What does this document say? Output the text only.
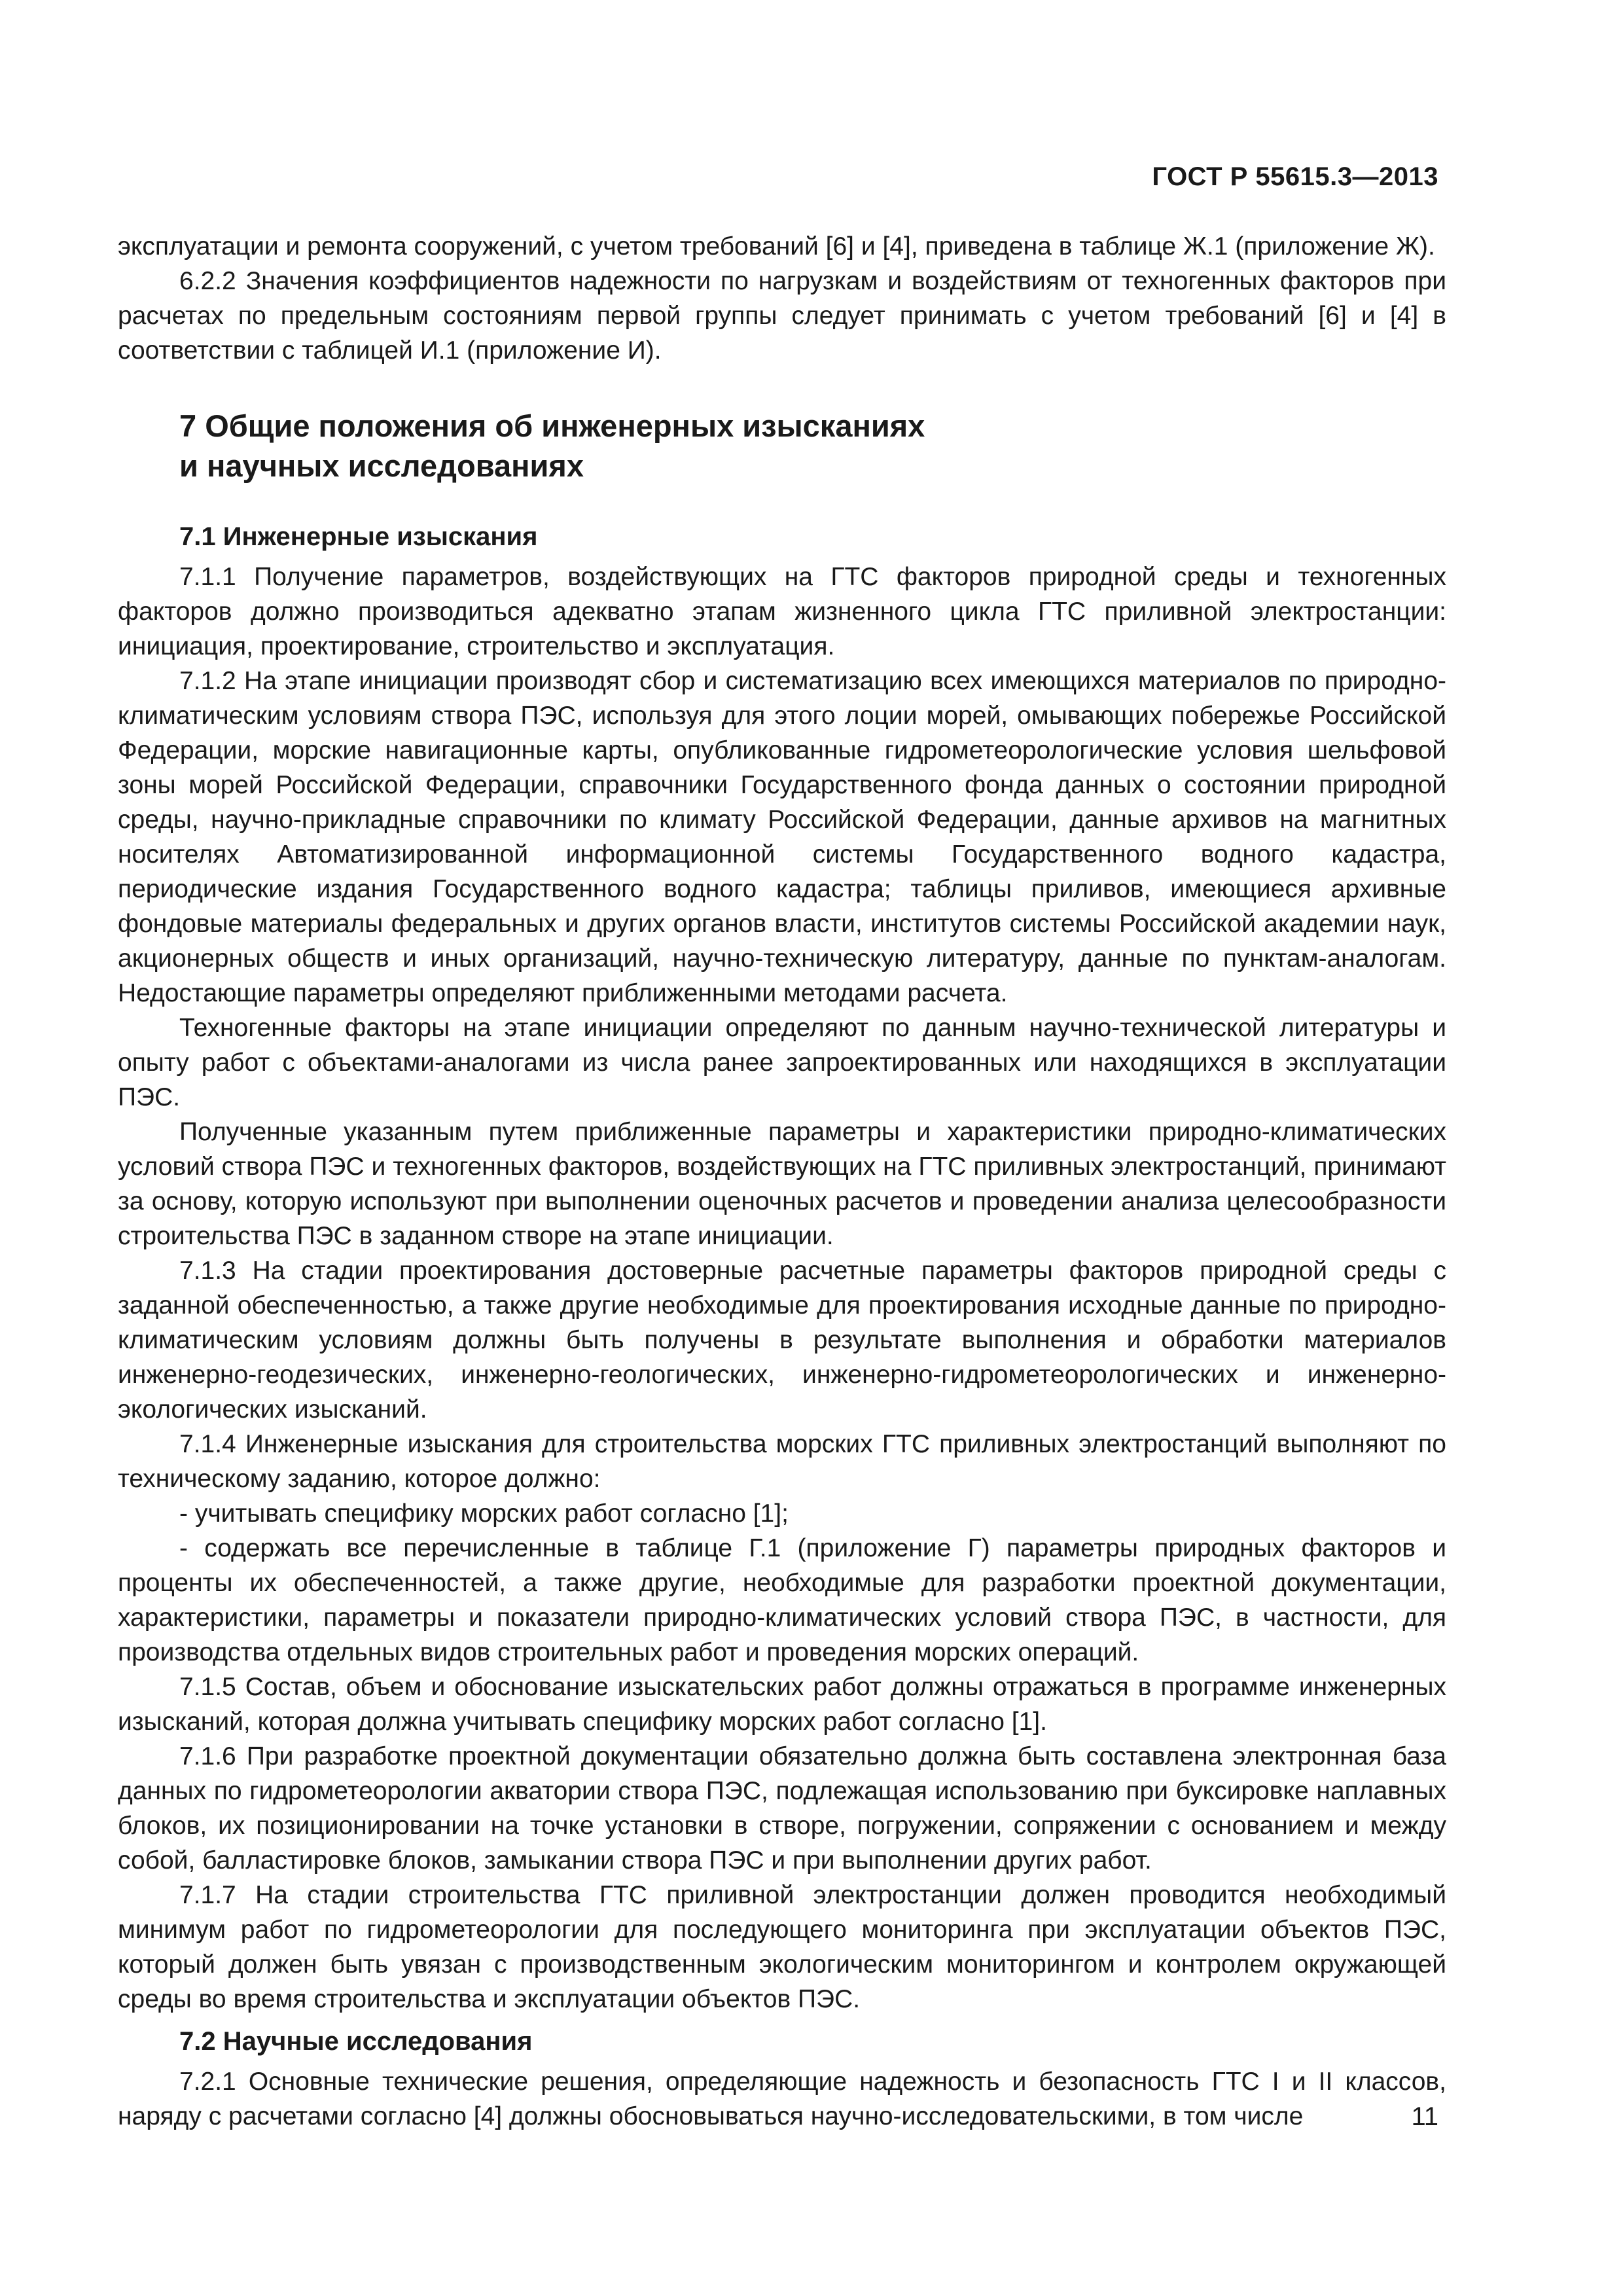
ГОСТ Р 55615.3—2013

эксплуатации и ремонта сооружений, с учетом требований [6] и [4], приведена в таблице Ж.1 (приложение Ж).

6.2.2 Значения коэффициентов надежности по нагрузкам и воздействиям от техногенных факторов при расчетах по предельным состояниям первой группы следует принимать с учетом требований [6] и [4] в соответствии с таблицей И.1 (приложение И).

7 Общие положения об инженерных изысканиях
и научных исследованиях
7.1 Инженерные изыскания

7.1.1 Получение параметров, воздействующих на ГТС факторов природной среды и техногенных факторов должно производиться адекватно этапам жизненного цикла ГТС приливной электростанции: инициация, проектирование, строительство и эксплуатация.

7.1.2 На этапе инициации производят сбор и систематизацию всех имеющихся материалов по природно-климатическим условиям створа ПЭС, используя для этого лоции морей, омывающих побережье Российской Федерации, морские навигационные карты, опубликованные гидрометеорологические условия шельфовой зоны морей Российской Федерации, справочники Государственного фонда данных о состоянии природной среды, научно-прикладные справочники по климату Российской Федерации, данные архивов на магнитных носителях Автоматизированной информационной системы Государственного водного кадастра, периодические издания Государственного водного кадастра; таблицы приливов, имеющиеся архивные фондовые материалы федеральных и других органов власти, институтов системы Российской академии наук, акционерных обществ и иных организаций, научно-техническую литературу, данные по пунктам-аналогам. Недостающие параметры определяют приближенными методами расчета.

Техногенные факторы на этапе инициации определяют по данным научно-технической литературы и опыту работ с объектами-аналогами из числа ранее запроектированных или находящихся в эксплуатации ПЭС.

Полученные указанным путем приближенные параметры и характеристики природно-климатических условий створа ПЭС и техногенных факторов, воздействующих на ГТС приливных электростанций, принимают за основу, которую используют при выполнении оценочных расчетов и проведении анализа целесообразности строительства ПЭС в заданном створе на этапе инициации.

7.1.3 На стадии проектирования достоверные расчетные параметры факторов природной среды с заданной обеспеченностью, а также другие необходимые для проектирования исходные данные по природно-климатическим условиям должны быть получены в результате выполнения и обработки материалов инженерно-геодезических, инженерно-геологических, инженерно-гидрометеорологических и инженерно-экологических изысканий.

7.1.4 Инженерные изыскания для строительства морских ГТС приливных электростанций выполняют по техническому заданию, которое должно:

- учитывать специфику морских работ согласно [1];

- содержать все перечисленные в таблице Г.1 (приложение Г) параметры природных факторов и проценты их обеспеченностей, а также другие, необходимые для разработки проектной документации, характеристики, параметры и показатели природно-климатических условий створа ПЭС, в частности, для производства отдельных видов строительных работ и проведения морских операций.

7.1.5 Состав, объем и обоснование изыскательских работ должны отражаться в программе инженерных изысканий, которая должна учитывать специфику морских работ согласно [1].

7.1.6 При разработке проектной документации обязательно должна быть составлена электронная база данных по гидрометеорологии акватории створа ПЭС, подлежащая использованию при буксировке наплавных блоков, их позиционировании на точке установки в створе, погружении, сопряжении с основанием и между собой, балластировке блоков, замыкании створа ПЭС и при выполнении других работ.

7.1.7 На стадии строительства ГТС приливной электростанции должен проводится необходимый минимум работ по гидрометеорологии для последующего мониторинга при эксплуатации объектов ПЭС, который должен быть увязан с производственным экологическим мониторингом и контролем окружающей среды во время строительства и эксплуатации объектов ПЭС.

7.2 Научные исследования

7.2.1 Основные технические решения, определяющие надежность и безопасность ГТС I и II классов, наряду с расчетами согласно [4] должны обосновываться научно-исследовательскими, в том числе	11
